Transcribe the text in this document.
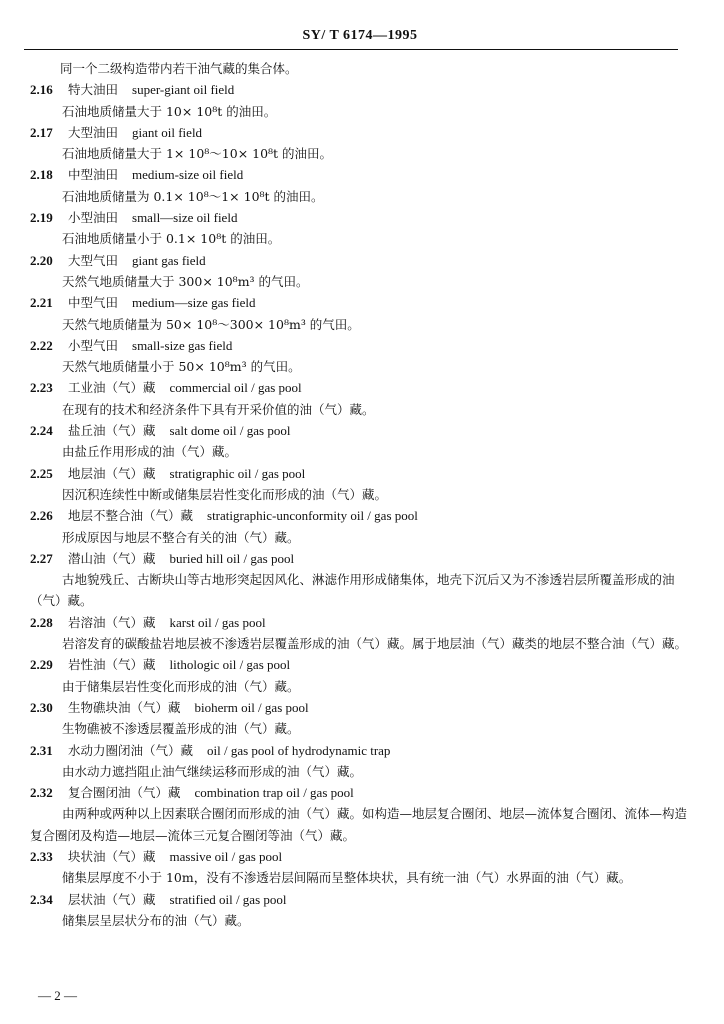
SY/ T 6174—1995
同一个二级构造带内若干油气藏的集合体。
2.16 特大油田 super-giant oil field
石油地质储量大于 10× 10⁸t 的油田。
2.17 大型油田 giant oil field
石油地质储量大于 1× 10⁸～10× 10⁸t 的油田。
2.18 中型油田 medium-size oil field
石油地质储量为 0.1× 10⁸～1× 10⁸t 的油田。
2.19 小型油田 small—size oil field
石油地质储量小于 0.1× 10⁸t 的油田。
2.20 大型气田 giant gas field
天然气地质储量大于 300× 10⁸m³ 的气田。
2.21 中型气田 medium—size gas field
天然气地质储量为 50× 10⁸～300× 10⁸m³ 的气田。
2.22 小型气田 small-size gas field
天然气地质储量小于 50× 10⁸m³ 的气田。
2.23 工业油（气）藏 commercial oil / gas pool
在现有的技术和经济条件下具有开采价值的油（气）藏。
2.24 盐丘油（气）藏 salt dome oil / gas pool
由盐丘作用形成的油（气）藏。
2.25 地层油（气）藏 stratigraphic oil / gas pool
因沉积连续性中断或储集层岩性变化而形成的油（气）藏。
2.26 地层不整合油（气）藏 stratigraphic-unconformity oil / gas pool
形成原因与地层不整合有关的油（气）藏。
2.27 潜山油（气）藏 buried hill oil / gas pool
古地貌残丘、古断块山等古地形突起因风化、淋滤作用形成储集体，地壳下沉后又为不渗透岩层所覆盖形成的油（气）藏。
2.28 岩溶油（气）藏 karst oil / gas pool
岩溶发育的碳酸盐岩地层被不渗透岩层覆盖形成的油（气）藏。属于地层油（气）藏类的地层不整合油（气）藏。
2.29 岩性油（气）藏 lithologic oil / gas pool
由于储集层岩性变化而形成的油（气）藏。
2.30 生物礁块油（气）藏 bioherm oil / gas pool
生物礁被不渗透层覆盖形成的油（气）藏。
2.31 水动力圈闭油（气）藏 oil / gas pool of hydrodynamic trap
由水动力遮挡阻止油气继续运移而形成的油（气）藏。
2.32 复合圈闭油（气）藏 combination trap oil / gas pool
由两种或两种以上因素联合圈闭而形成的油（气）藏。如构造—地层复合圈闭、地层—流体复合圈闭、流体—构造复合圈闭及构造—地层—流体三元复合圈闭等油（气）藏。
2.33 块状油（气）藏 massive oil / gas pool
储集层厚度不小于 10m，没有不渗透岩层间隔而呈整体块状，具有统一油（气）水界面的油（气）藏。
2.34 层状油（气）藏 stratified oil / gas pool
储集层呈层状分布的油（气）藏。
— 2 —
